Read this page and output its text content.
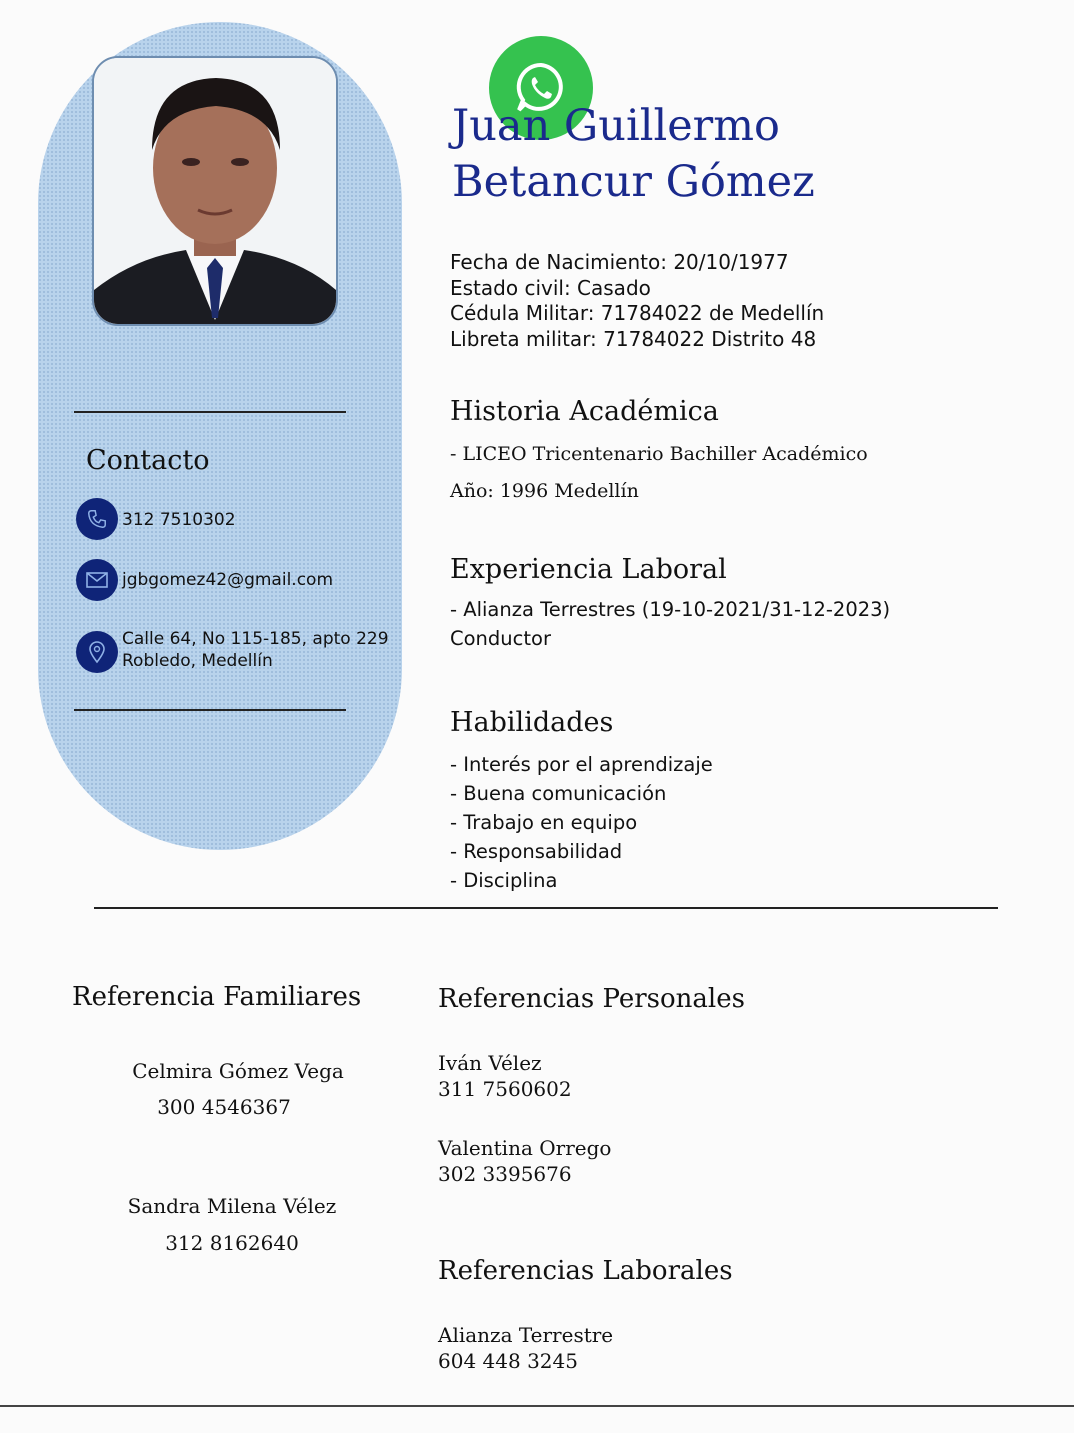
Contacto
312 7510302
jgbgomez42@gmail.com
Calle 64, No 115-185, apto 229
Robledo, Medellín
Juan Guillermo
Betancur Gómez
Fecha de Nacimiento: 20/10/1977
Estado civil: Casado
Cédula Militar: 71784022 de Medellín
Libreta militar: 71784022 Distrito 48
Historia Académica
- LICEO Tricentenario Bachiller Académico
Año: 1996 Medellín
Experiencia Laboral
- Alianza Terrestres (19-10-2021/31-12-2023)
Conductor
Habilidades
- Interés por el aprendizaje
- Buena comunicación
- Trabajo en equipo
- Responsabilidad
- Disciplina
Referencia Familiares
Celmira Gómez Vega
300 4546367
Sandra Milena Vélez
312 8162640
Referencias Personales
Iván Vélez
311 7560602
Valentina Orrego
302 3395676
Referencias Laborales
Alianza Terrestre
604 448 3245
